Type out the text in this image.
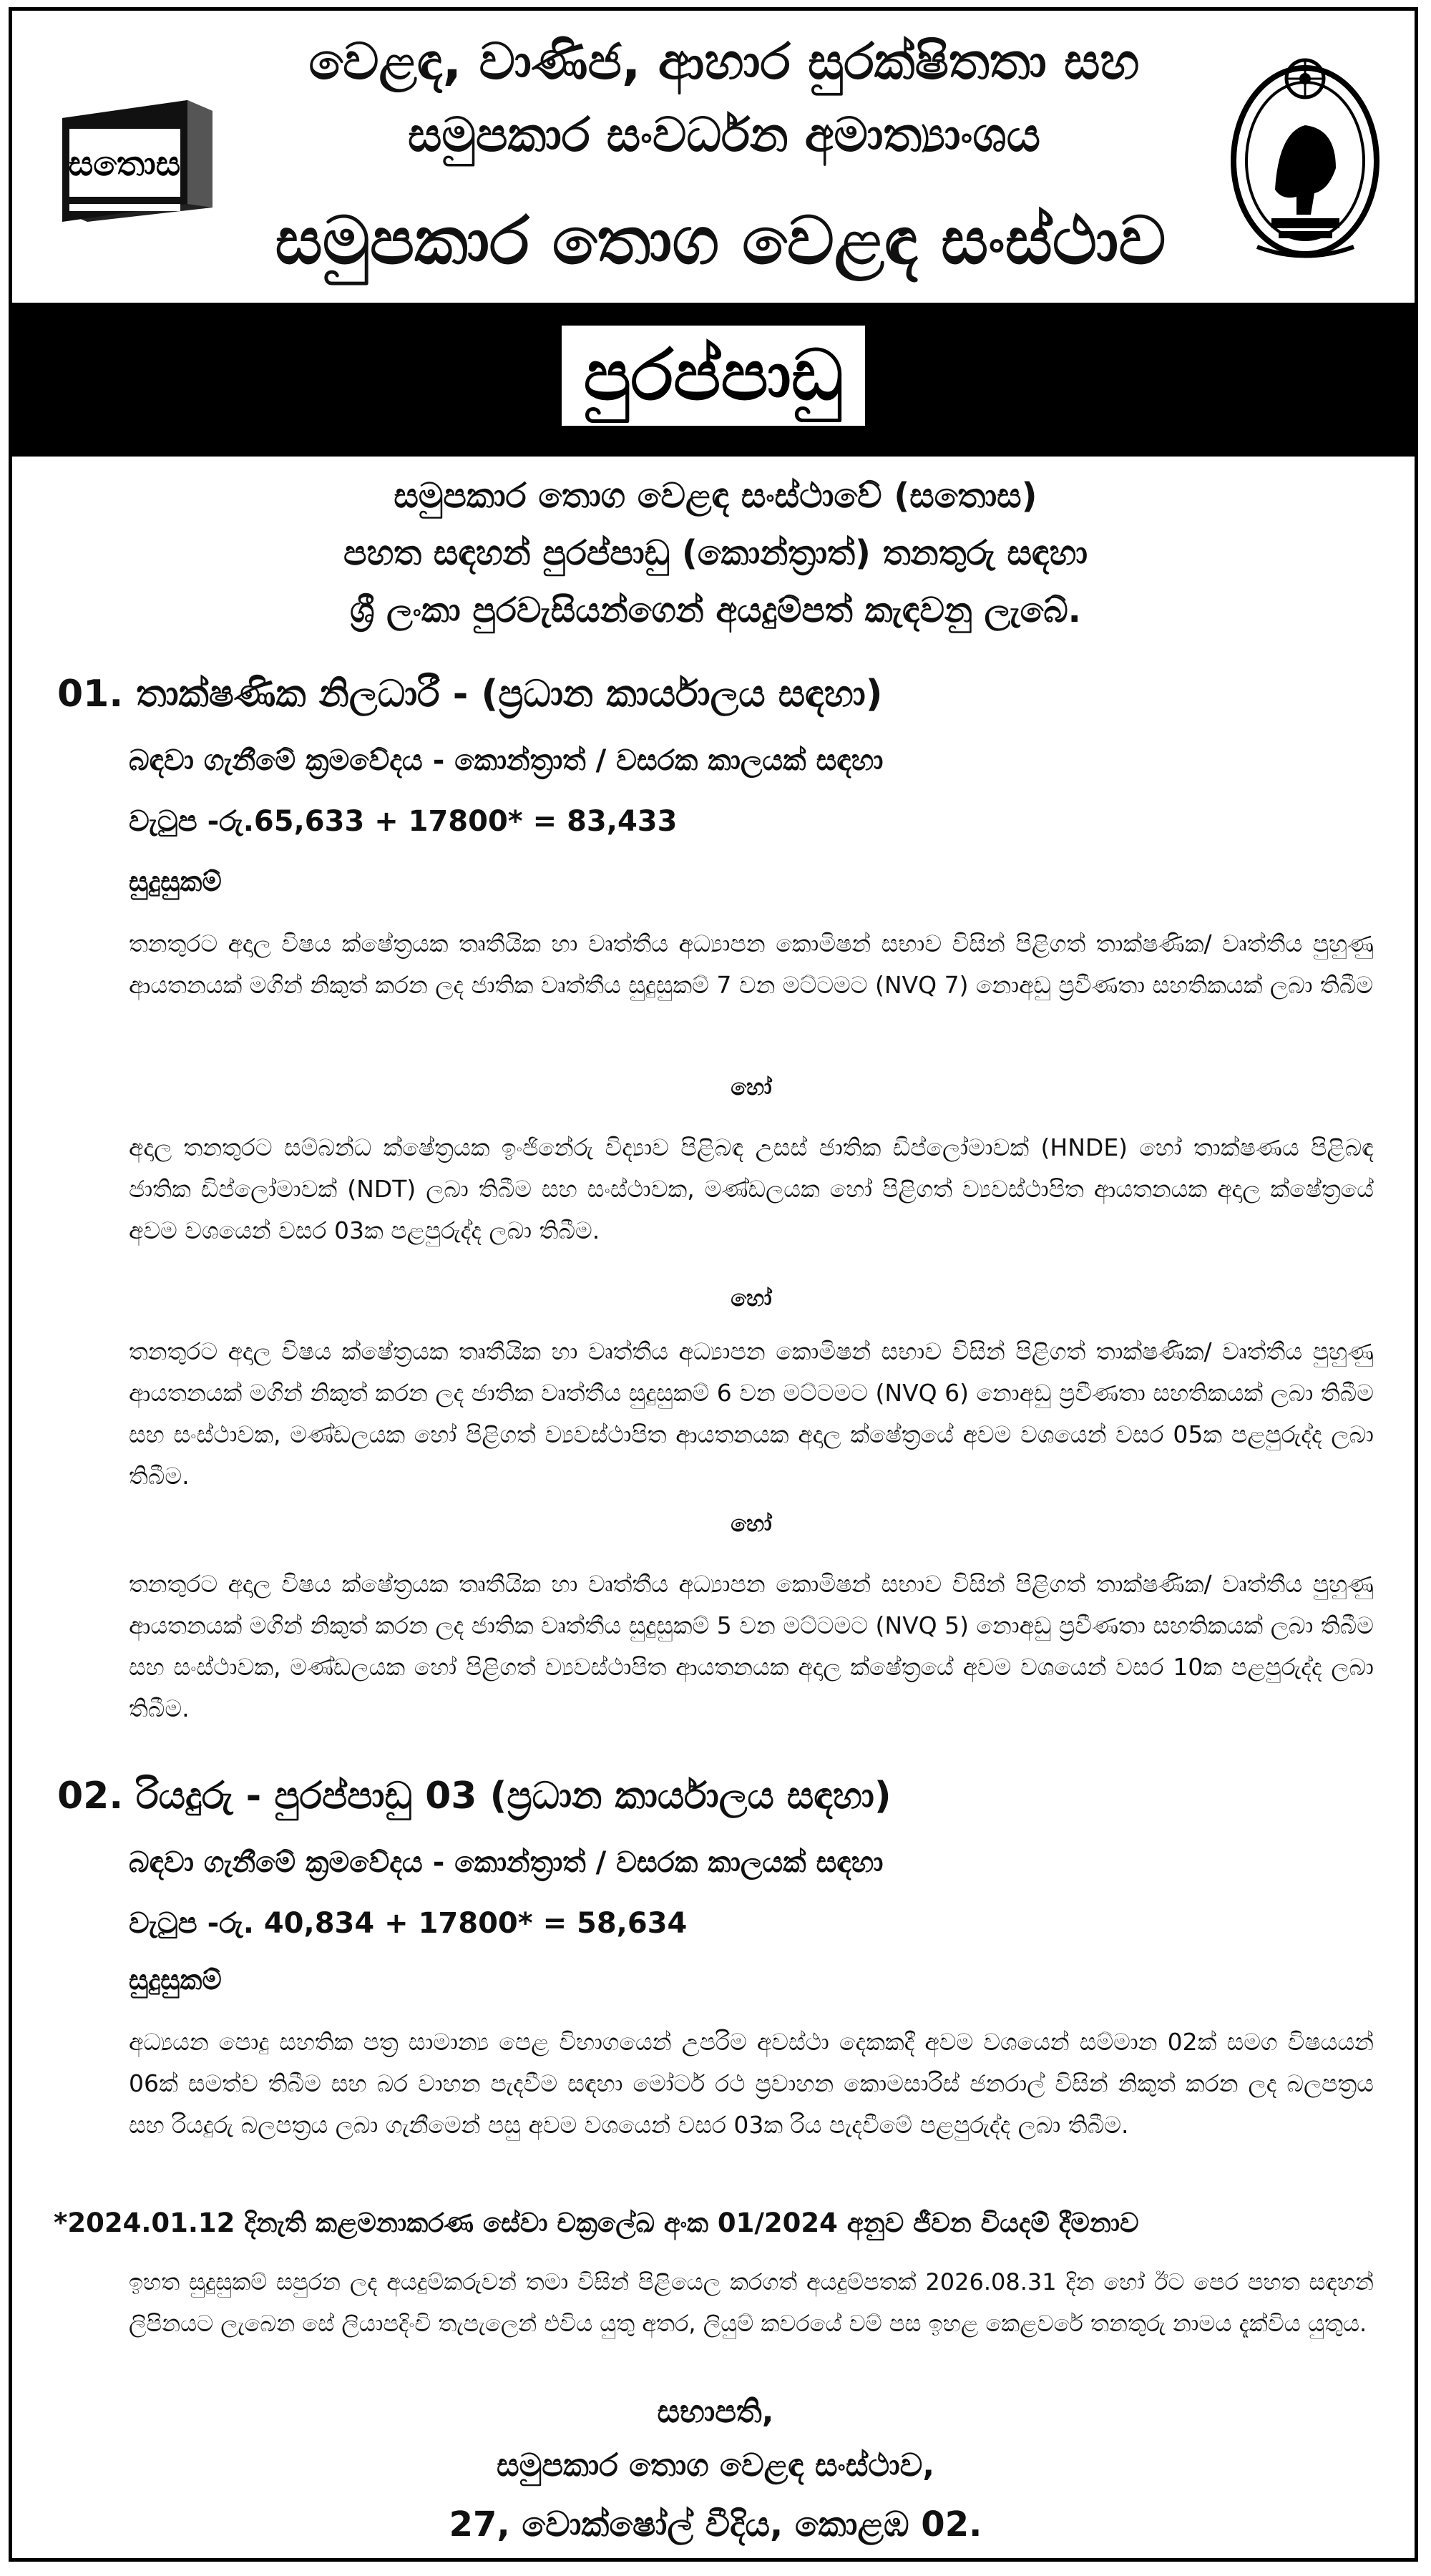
සතොස
වෙළඳ, වාණිජ, ආහාර සුරක්ෂිතතා සහ
සමුපකාර සංවර්ධන අමාත්‍යාංශය
සමුපකාර තොග වෙළඳ සංස්ථාව
පුරප්පාඩු
සමුපකාර තොග වෙළඳ සංස්ථාවේ (සතොස)
පහත සඳහන් පුරප්පාඩු (කොන්ත්‍රාත්) තනතුරු සඳහා
ශ්‍රී ලංකා පුරවැසියන්ගෙන් අයදුම්පත් කැඳවනු ලැබේ.
01. තාක්ෂණික නිලධාරී - (ප්‍රධාන කාර්යාලය සඳහා)
බඳවා ගැනීමේ ක්‍රමවේදය - කොන්ත්‍රාත් / වසරක කාලයක් සඳහා
වැටුප -රු.65,633 + 17800* = 83,433
සුදුසුකම්
තනතුරට අදාල විෂය ක්ෂේත්‍රයක තෘතීයික හා වෘත්තීය අධ්‍යාපන කොමිෂන් සභාව විසින් පිළිගත් තාක්ෂණික/ වෘත්තීය පුහුණු ආයතනයක් මගින් නිකුත් කරන ලද ජාතික වෘත්තීය සුදුසුකම් 7 වන මට්ටමට (NVQ 7) නොඅඩු ප්‍රවීණතා සහතිකයක් ලබා තිබීම
හෝ
අදාල තනතුරට සම්බන්ධ ක්ෂේත්‍රයක ඉංජිනේරු විද්‍යාව පිළිබඳ උසස් ජාතික ඩිප්ලෝමාවක් (HNDE) හෝ තාක්ෂණය පිළිබඳ ජාතික ඩිප්ලෝමාවක් (NDT) ලබා තිබීම සහ සංස්ථාවක, මණ්ඩලයක හෝ පිළිගත් ව්‍යවස්ථාපිත ආයතනයක අදාල ක්ෂේත්‍රයේ අවම වශයෙන් වසර 03ක පළපුරුද්ද ලබා තිබීම.
හෝ
තනතුරට අදාල විෂය ක්ෂේත්‍රයක තෘතීයික හා වෘත්තීය අධ්‍යාපන කොමිෂන් සභාව විසින් පිළිගත් තාක්ෂණික/ වෘත්තීය පුහුණු ආයතනයක් මගින් නිකුත් කරන ලද ජාතික වෘත්තීය සුදුසුකම් 6 වන මට්ටමට (NVQ 6) නොඅඩු ප්‍රවීණතා සහතිකයක් ලබා තිබීම සහ සංස්ථාවක, මණ්ඩලයක හෝ පිළිගත් ව්‍යවස්ථාපිත ආයතනයක අදාල ක්ෂේත්‍රයේ අවම වශයෙන් වසර 05ක පළපුරුද්ද ලබා තිබීම.
හෝ
තනතුරට අදාල විෂය ක්ෂේත්‍රයක තෘතීයික හා වෘත්තීය අධ්‍යාපන කොමිෂන් සභාව විසින් පිළිගත් තාක්ෂණික/ වෘත්තීය පුහුණු ආයතනයක් මගින් නිකුත් කරන ලද ජාතික වෘත්තීය සුදුසුකම් 5 වන මට්ටමට (NVQ 5) නොඅඩු ප්‍රවීණතා සහතිකයක් ලබා තිබීම සහ සංස්ථාවක, මණ්ඩලයක හෝ පිළිගත් ව්‍යවස්ථාපිත ආයතනයක අදාල ක්ෂේත්‍රයේ අවම වශයෙන් වසර 10ක පළපුරුද්ද ලබා තිබීම.
02. රියදුරු - පුරප්පාඩු 03 (ප්‍රධාන කාර්යාලය සඳහා)
බඳවා ගැනීමේ ක්‍රමවේදය - කොන්ත්‍රාත් / වසරක කාලයක් සඳහා
වැටුප -රු. 40,834 + 17800* = 58,634
සුදුසුකම්
අධ්‍යයන පොදු සහතික පත්‍ර සාමාන්‍ය පෙළ විභාගයෙන් උපරිම අවස්ථා දෙකකදී අවම වශයෙන් සම්මාන 02ක් සමග විෂයයන් 06ක් සමත්ව තිබීම සහ බර වාහන පැදවීම සඳහා මෝටර් රථ ප්‍රවාහන කොමසාරිස් ජනරාල් විසින් නිකුත් කරන ලද බලපත්‍රය සහ රියදුරු බලපත්‍රය ලබා ගැනීමෙන් පසු අවම වශයෙන් වසර 03ක රිය පැදවීමේ පළපුරුද්ද ලබා තිබීම.
*2024.01.12 දිනැති කළමනාකරණ සේවා චක්‍රලේඛ අංක 01/2024 අනුව ජීවන වියදම් දීමනාව
ඉහත සුදුසුකම් සපුරන ලද අයදුම්කරුවන් තමා විසින් පිළියෙල කරගත් අයදුම්පතක් 2026.08.31 දින හෝ ඊට පෙර පහත සඳහන් ලිපිනයට ලැබෙන සේ ලියාපදිංචි තැපැලෙන් එවිය යුතු අතර, ලියුම් කවරයේ වම් පස ඉහළ කෙළවරේ තනතුරු නාමය දැක්විය යුතුය.
සභාපති,
සමුපකාර තොග වෙළඳ සංස්ථාව,
27, වොක්ෂෝල් වීදිය, කොළඹ 02.
